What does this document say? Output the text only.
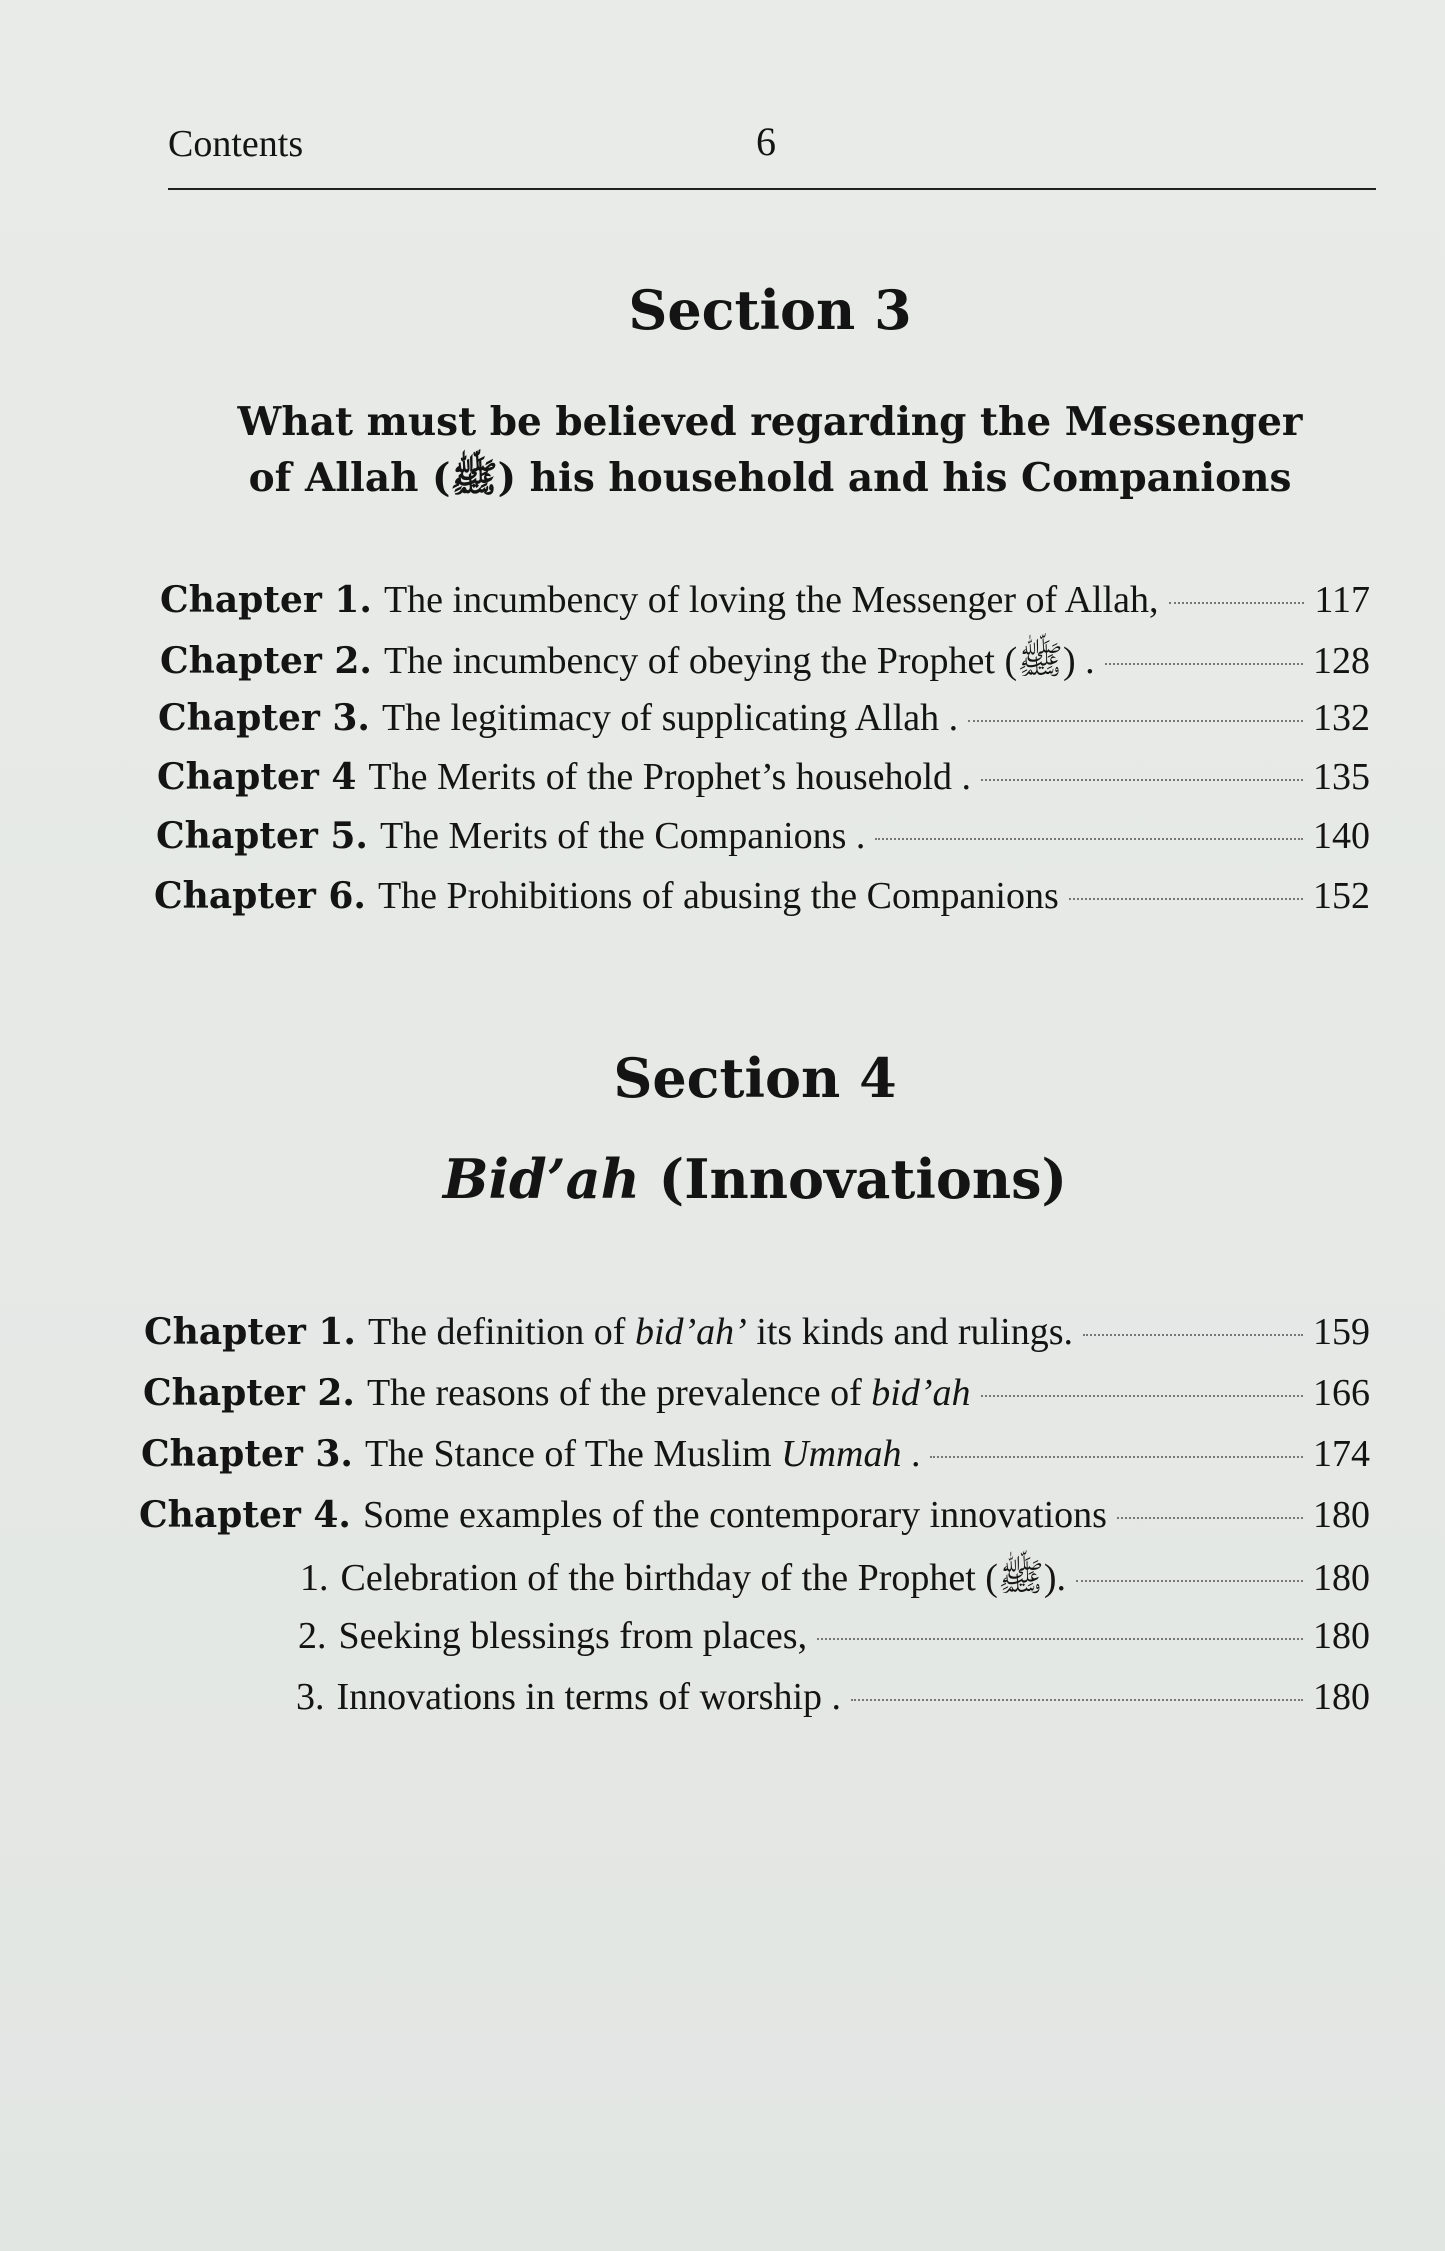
Contents	6
Section 3
What must be believed regarding the Messenger
of Allah (ﷺ) his household and his Companions
Chapter 1. The incumbency of loving the Messenger of Allah,	117
Chapter 2. The incumbency of obeying the Prophet (ﷺ) .	128
Chapter 3. The legitimacy of supplicating Allah .	132
Chapter 4 The Merits of the Prophet’s household .	135
Chapter 5. The Merits of the Companions .	140
Chapter 6. The Prohibitions of abusing the Companions	152
Section 4
Bid’ah (Innovations)
Chapter 1. The definition of bid’ah’ its kinds and rulings.	159
Chapter 2. The reasons of the prevalence of bid’ah	166
Chapter 3. The Stance of The Muslim Ummah .	174
Chapter 4. Some examples of the contemporary innovations	180
1. Celebration of the birthday of the Prophet (ﷺ).	180
2. Seeking blessings from places,	180
3. Innovations in terms of worship .	180
